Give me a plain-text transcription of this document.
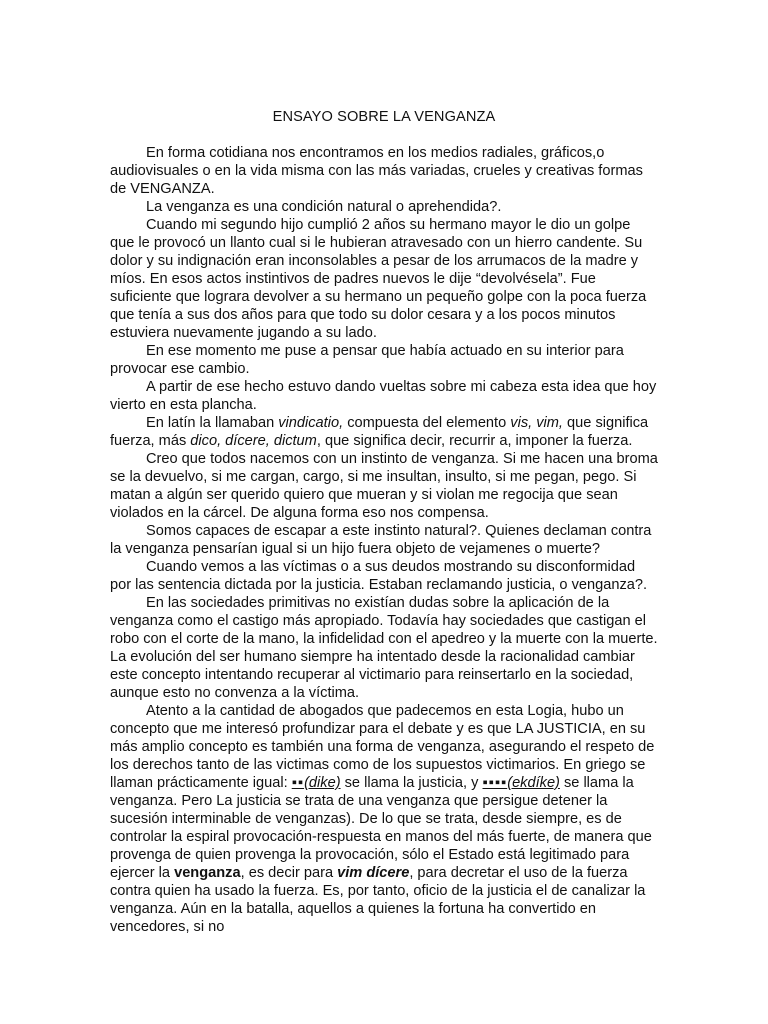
ENSAYO SOBRE LA VENGANZA

En forma cotidiana nos encontramos en los medios radiales, gráficos,o audiovisuales o en la vida misma con las más variadas, crueles y creativas formas de VENGANZA.

La venganza es una condición natural o aprehendida?.

Cuando mi segundo hijo cumplió 2 años su hermano mayor le dio un golpe que le provocó un llanto cual si le hubieran atravesado con un hierro candente. Su dolor y su indignación eran inconsolables a pesar de los arrumacos de la madre y míos. En esos actos instintivos de padres nuevos le dije “devolvésela”. Fue suficiente que lograra devolver a su hermano un pequeño golpe con la poca fuerza que tenía a sus dos años para que todo su dolor cesara y a los pocos minutos estuviera nuevamente jugando a su lado.

En ese momento me puse a pensar que había actuado en su interior para provocar ese cambio.

A partir de ese hecho estuvo dando vueltas sobre mi cabeza esta idea que hoy vierto en esta plancha.

En latín la llamaban vindicatio, compuesta del elemento vis, vim, que significa fuerza, más dico, dícere, dictum, que significa decir, recurrir a, imponer la fuerza.

Creo que todos nacemos con un instinto de venganza. Si me hacen una broma se la devuelvo, si me cargan, cargo, si me insultan, insulto, si me pegan, pego. Si matan a algún ser querido quiero que mueran y si violan me regocija que sean violados en la cárcel. De alguna forma eso nos compensa.

Somos capaces de escapar a este instinto natural?. Quienes declaman contra la venganza pensarían igual si un hijo fuera objeto de vejamenes o muerte?

Cuando vemos a las víctimas o a sus deudos mostrando su disconformidad por las sentencia dictada por la justicia. Estaban reclamando justicia, o venganza?.

En las sociedades primitivas no existían dudas sobre la aplicación de la venganza como el castigo más apropiado. Todavía hay sociedades que castigan el robo con el corte de la mano, la infidelidad con el apedreo y la muerte con la muerte. La evolución del ser humano siempre ha intentado desde la racionalidad cambiar este concepto intentando recuperar al victimario para reinsertarlo en la sociedad, aunque esto no convenza a la víctima.

Atento a la cantidad de abogados que padecemos en esta Logia, hubo un concepto que me interesó profundizar para el debate y es que LA JUSTICIA, en su más amplio concepto es también una forma de venganza, asegurando el respeto de los derechos tanto de las victimas como de los supuestos victimarios. En griego se llaman prácticamente igual: ▪▪(dike) se llama la justicia, y ▪▪▪▪(ekdíke) se llama la venganza. Pero La justicia se trata de una venganza que persigue detener la sucesión interminable de venganzas). De lo que se trata, desde siempre, es de controlar la espiral provocación-respuesta en manos del más fuerte, de manera que provenga de quien provenga la provocación, sólo el Estado está legitimado para ejercer la venganza, es decir para vim dícere, para decretar el uso de la fuerza contra quien ha usado la fuerza. Es, por tanto, oficio de la justicia el de canalizar la venganza. Aún en la batalla, aquellos a quienes la fortuna ha convertido en vencedores, si no
